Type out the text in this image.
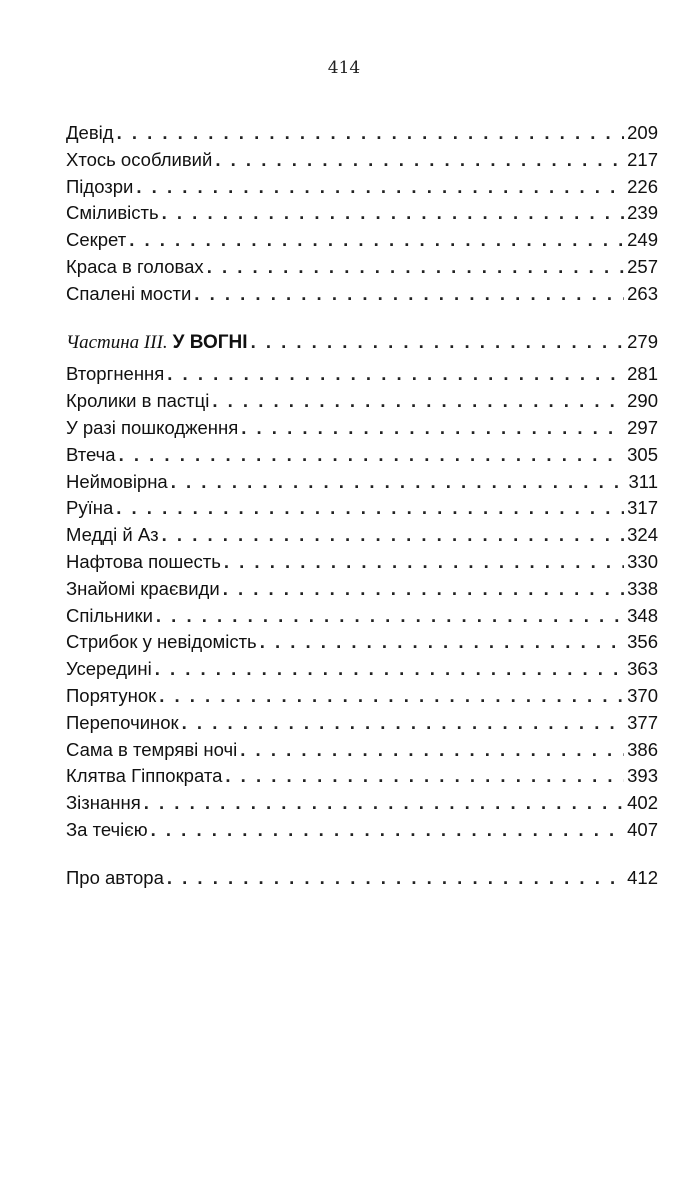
414
Девід . . .	209
Хтось особливий . . .	217
Підозри . . .	226
Сміливість . . .	239
Секрет . . .	249
Краса в головах . . .	257
Спалені мости . . .	263
Частина III. У ВОГНІ . . .	279
Вторгнення . . .	281
Кролики в пастці . . .	290
У разі пошкодження . . .	297
Втеча . . .	305
Неймовірна . . .	311
Руїна . . .	317
Медді й Аз . . .	324
Нафтова пошесть . . .	330
Знайомі краєвиди . . .	338
Спільники . . .	348
Стрибок у невідомість . . .	356
Усередині . . .	363
Порятунок . . .	370
Перепочинок . . .	377
Сама в темряві ночі . . .	386
Клятва Гіппократа . . .	393
Зізнання . . .	402
За течією . . .	407
Про автора . . .	412
